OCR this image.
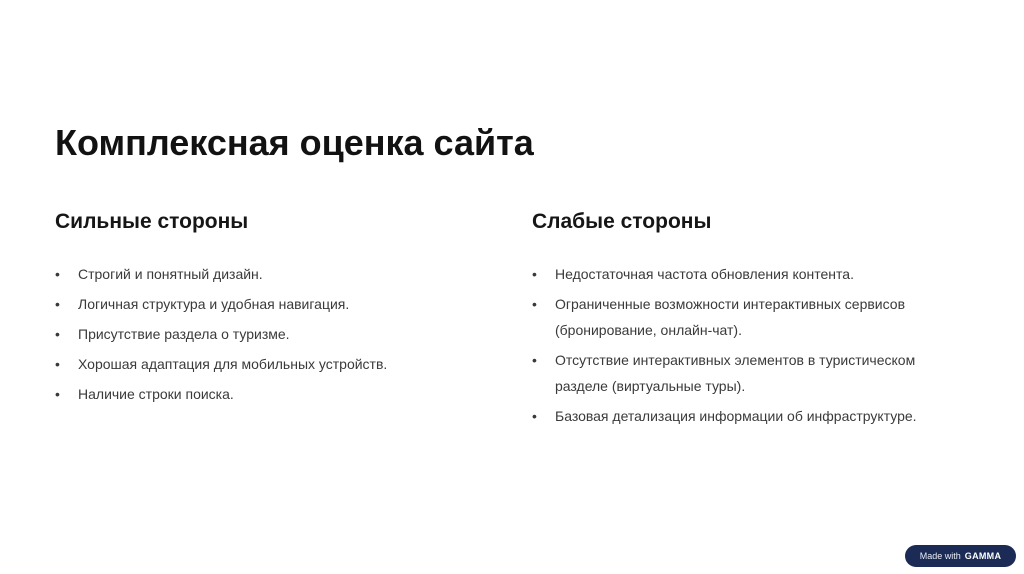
Комплексная оценка сайта
Сильные стороны
•	Строгий и понятный дизайн.
•	Логичная структура и удобная навигация.
•	Присутствие раздела о туризме.
•	Хорошая адаптация для мобильных устройств.
•	Наличие строки поиска.
Слабые стороны
•	Недостаточная частота обновления контента.
•	Ограниченные возможности интерактивных сервисов (бронирование, онлайн-чат).
•	Отсутствие интерактивных элементов в туристическом разделе (виртуальные туры).
•	Базовая детализация информации об инфраструктуре.
Made with GAMMA
